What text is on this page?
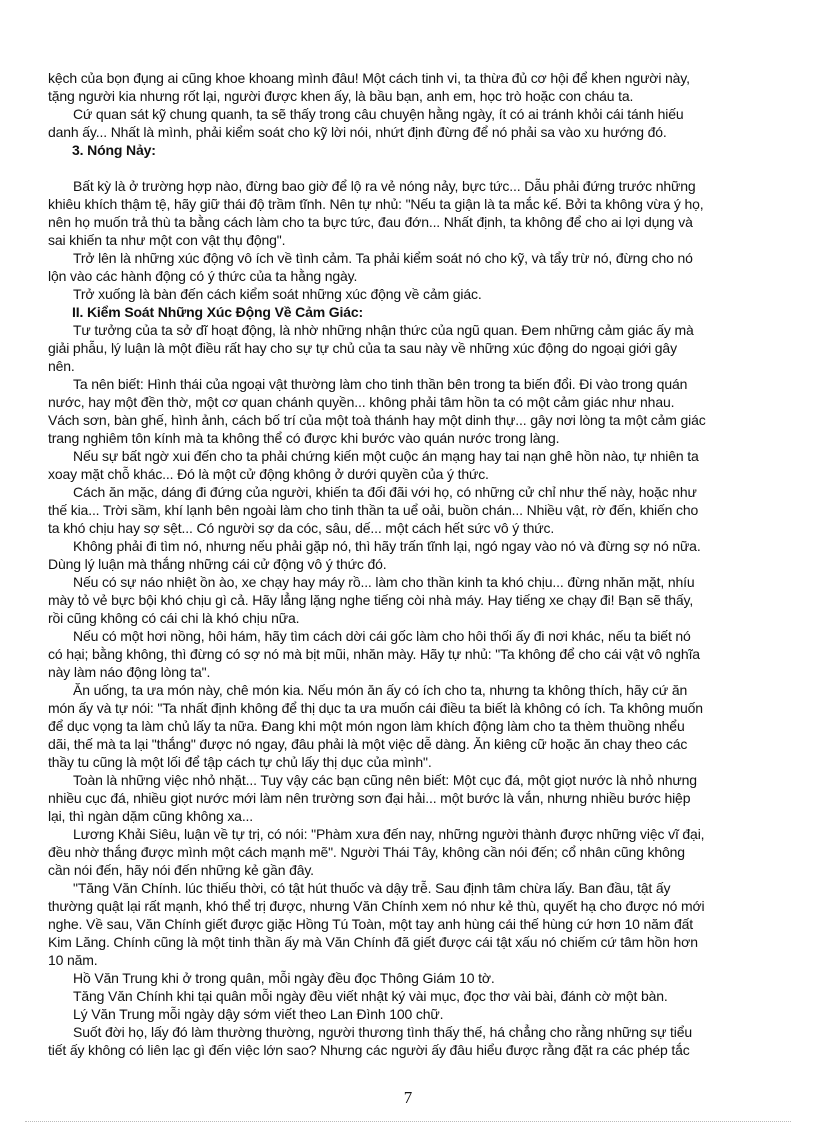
kệch của bọn đụng ai cũng khoe khoang mình đâu! Một cách tinh vi, ta thừa đủ cơ hội để khen người này,
tặng người kia nhưng rốt lại, người được khen ấy, là bầu bạn, anh em, học trò hoặc con cháu ta.
Cứ quan sát kỹ chung quanh, ta sẽ thấy trong câu chuyện hằng ngày, ít có ai tránh khỏi cái tánh hiếu
danh ấy... Nhất là mình, phải kiểm soát cho kỹ lời nói, nhứt định đừng để nó phải sa vào xu hướng đó.
3. Nóng Nảy:
Bất kỳ là ở trường hợp nào, đừng bao giờ để lộ ra vẻ nóng nảy, bực tức... Dẫu phải đứng trước những
khiêu khích thậm tệ, hãy giữ thái độ trầm tĩnh. Nên tự nhủ: "Nếu ta giận là ta mắc kế. Bởi ta không vừa ý họ,
nên họ muốn trả thù ta bằng cách làm cho ta bực tức, đau đớn... Nhất định, ta không để cho ai lợi dụng và
sai khiến ta như một con vật thụ động".
Trở lên là những xúc động vô ích về tình cảm. Ta phải kiểm soát nó cho kỹ, và tẩy trừ nó, đừng cho nó
lộn vào các hành động có ý thức của ta hằng ngày.
Trở xuống là bàn đến cách kiểm soát những xúc động về cảm giác.
II. Kiểm Soát Những Xúc Động Về Cảm Giác:
Tư tưởng của ta sở dĩ hoạt động, là nhờ những nhận thức của ngũ quan. Đem những cảm giác ấy mà
giải phẫu, lý luận là một điều rất hay cho sự tự chủ của ta sau này về những xúc động do ngoại giới gây
nên.
Ta nên biết: Hình thái của ngoại vật thường làm cho tinh thần bên trong ta biến đổi. Đi vào trong quán
nước, hay một đền thờ, một cơ quan chánh quyền... không phải tâm hồn ta có một cảm giác như nhau.
Vách sơn, bàn ghế, hình ảnh, cách bố trí của một toà thánh hay một dinh thự... gây nơi lòng ta một cảm giác
trang nghiêm tôn kính mà ta không thể có được khi bước vào quán nước trong làng.
Nếu sự bất ngờ xui đến cho ta phải chứng kiến một cuộc án mạng hay tai nạn ghê hồn nào, tự nhiên ta
xoay mặt chỗ khác... Đó là một cử động không ở dưới quyền của ý thức.
Cách ăn mặc, dáng đi đứng của người, khiến ta đối đãi với họ, có những cử chỉ như thế này, hoặc như
thế kia... Trời sầm, khí lạnh bên ngoài làm cho tinh thần ta uể oải, buồn chán... Nhiều vật, rờ đến, khiến cho
ta khó chịu hay sợ sệt... Có người sợ da cóc, sâu, dế... một cách hết sức vô ý thức.
Không phải đi tìm nó, nhưng nếu phải gặp nó, thì hãy trấn tĩnh lại, ngó ngay vào nó và đừng sợ nó nữa.
Dùng lý luận mà thắng những cái cử động vô ý thức đó.
Nếu có sự náo nhiệt ồn ào, xe chạy hay máy rồ... làm cho thần kinh ta khó chịu... đừng nhăn mặt, nhíu
mày tỏ vẻ bực bội khó chịu gì cả. Hãy lẳng lặng nghe tiếng còi nhà máy. Hay tiếng xe chạy đi! Bạn sẽ thấy,
rồi cũng không có cái chi là khó chịu nữa.
Nếu có một hơi nồng, hôi hám, hãy tìm cách dời cái gốc làm cho hôi thối ấy đi nơi khác, nếu ta biết nó
có hại; bằng không, thì đừng có sợ nó mà bịt mũi, nhăn mày. Hãy tự nhủ: "Ta không để cho cái vật vô nghĩa
này làm náo động lòng ta".
Ăn uống, ta ưa món này, chê món kia. Nếu món ăn ấy có ích cho ta, nhưng ta không thích, hãy cứ ăn
món ấy và tự nói: "Ta nhất định không để thị dục ta ưa muốn cái điều ta biết là không có ích. Ta không muốn
để dục vọng ta làm chủ lấy ta nữa. Đang khi một món ngon làm khích động làm cho ta thèm thuồng nhểu
dãi, thế mà ta lại "thắng" được nó ngay, đâu phải là một việc dễ dàng. Ăn kiêng cữ hoặc ăn chay theo các
thầy tu cũng là một lối để tập cách tự chủ lấy thị dục của mình".
Toàn là những việc nhỏ nhặt... Tuy vậy các bạn cũng nên biết: Một cục đá, một giọt nước là nhỏ nhưng
nhiều cục đá, nhiều giọt nước mới làm nên trường sơn đại hải... một bước là vắn, nhưng nhiều bước hiệp
lại, thì ngàn dặm cũng không xa...
Lương Khải Siêu, luận về tự trị, có nói: "Phàm xưa đến nay, những người thành được những việc vĩ đại,
đều nhờ thắng được mình một cách mạnh mẽ". Người Thái Tây, không cần nói đến; cổ nhân cũng không
cần nói đến, hãy nói đến những kẻ gần đây.
"Tăng Văn Chính. lúc thiếu thời, có tật hút thuốc và dậy trễ. Sau định tâm chừa lấy. Ban đầu, tật ấy
thường quật lại rất mạnh, khó thể trị được, nhưng Văn Chính xem nó như kẻ thù, quyết hạ cho được nó mới
nghe. Về sau, Văn Chính giết được giặc Hồng Tú Toàn, một tay anh hùng cái thế hùng cứ hơn 10 năm đất
Kim Lăng. Chính cũng là một tinh thần ấy mà Văn Chính đã giết được cái tật xấu nó chiếm cứ tâm hồn hơn
10 năm.
Hồ Văn Trung khi ở trong quân, mỗi ngày đều đọc Thông Giám 10 tờ.
Tăng Văn Chính khi tại quân mỗi ngày đều viết nhật ký vài mục, đọc thơ vài bài, đánh cờ một bàn.
Lý Văn Trung mỗi ngày dậy sớm viết theo Lan Đình 100 chữ.
Suốt đời họ, lấy đó làm thường thường, người thương tình thấy thế, há chẳng cho rằng những sự tiểu
tiết ấy không có liên lạc gì đến việc lớn sao? Nhưng các người ấy đâu hiểu được rằng đặt ra các phép tắc
7
